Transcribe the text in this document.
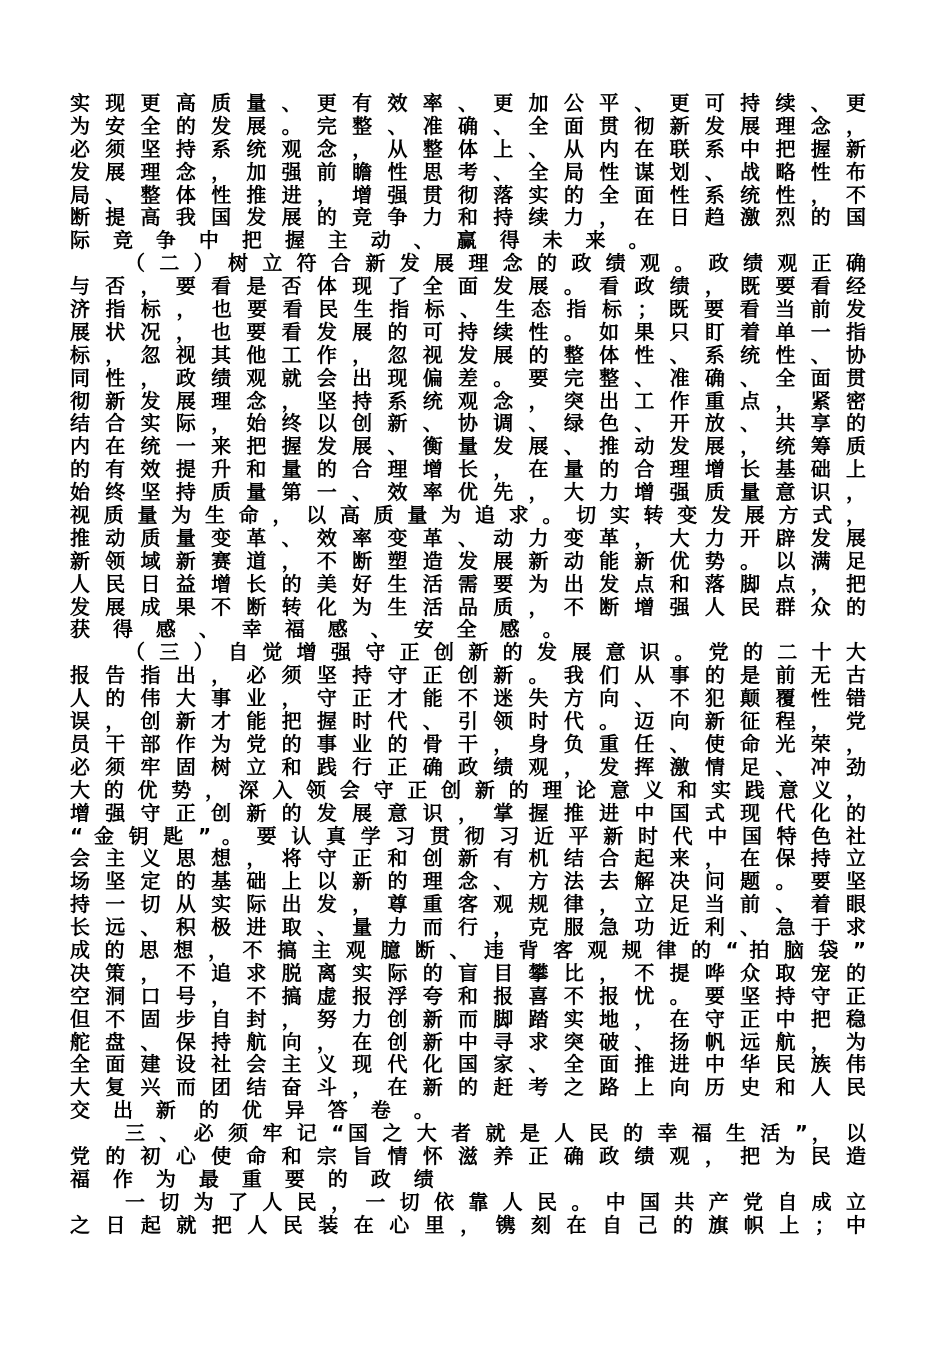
实 现 更 高 质 量 、 更 有 效 率 、 更 加 公 平 、 更 可 持 续 、 更
为 安 全 的 发 展 。 完 整 、 准 确 、 全 面 贯 彻 新 发 展 理 念 ，
必 须 坚 持 系 统 观 念 ， 从 整 体 上 、 从 内 在 联 系 中 把 握 新
发 展 理 念 ， 加 强 前 瞻 性 思 考 、 全 局 性 谋 划 、 战 略 性 布
局 、 整 体 性 推 进 ， 增 强 贯 彻 落 实 的 全 面 性 系 统 性 ， 不
断 提 高 我 国 发 展 的 竞 争 力 和 持 续 力 ， 在 日 趋 激 烈 的 国
际 竞 争 中 把 握 主 动 、 赢 得 未 来 。
（ 二 ） 树 立 符 合 新 发 展 理 念 的 政 绩 观 。 政 绩 观 正 确
与 否 ， 要 看 是 否 体 现 了 全 面 发 展 。 看 政 绩 ， 既 要 看 经
济 指 标 ， 也 要 看 民 生 指 标 、 生 态 指 标 ； 既 要 看 当 前 发
展 状 况 ， 也 要 看 发 展 的 可 持 续 性 。 如 果 只 盯 着 单 一 指
标 ， 忽 视 其 他 工 作 ， 忽 视 发 展 的 整 体 性 、 系 统 性 、 协
同 性 ， 政 绩 观 就 会 出 现 偏 差 。 要 完 整 、 准 确 、 全 面 贯
彻 新 发 展 理 念 ， 坚 持 系 统 观 念 ， 突 出 工 作 重 点 ， 紧 密
结 合 实 际 ， 始 终 以 创 新 、 协 调 、 绿 色 、 开 放 、 共 享 的
内 在 统 一 来 把 握 发 展 、 衡 量 发 展 、 推 动 发 展 ， 统 筹 质
的 有 效 提 升 和 量 的 合 理 增 长 ， 在 量 的 合 理 增 长 基 础 上
始 终 坚 持 质 量 第 一 、 效 率 优 先 ， 大 力 增 强 质 量 意 识 ，
视 质 量 为 生 命 ， 以 高 质 量 为 追 求 。 切 实 转 变 发 展 方 式 ，
推 动 质 量 变 革 、 效 率 变 革 、 动 力 变 革 ， 大 力 开 辟 发 展
新 领 域 新 赛 道 ， 不 断 塑 造 发 展 新 动 能 新 优 势 。 以 满 足
人 民 日 益 增 长 的 美 好 生 活 需 要 为 出 发 点 和 落 脚 点 ， 把
发 展 成 果 不 断 转 化 为 生 活 品 质 ， 不 断 增 强 人 民 群 众 的
获 得 感 、 幸 福 感 、 安 全 感 。
（ 三 ） 自 觉 增 强 守 正 创 新 的 发 展 意 识 。 党 的 二 十 大
报 告 指 出 ， 必 须 坚 持 守 正 创 新 。 我 们 从 事 的 是 前 无 古
人 的 伟 大 事 业 ， 守 正 才 能 不 迷 失 方 向 、 不 犯 颠 覆 性 错
误 ， 创 新 才 能 把 握 时 代 、 引 领 时 代 。 迈 向 新 征 程 ， 党
员 干 部 作 为 党 的 事 业 的 骨 干 ， 身 负 重 任 、 使 命 光 荣 ，
必 须 牢 固 树 立 和 践 行 正 确 政 绩 观 ， 发 挥 激 情 足 、 冲 劲
大 的 优 势 ， 深 入 领 会 守 正 创 新 的 理 论 意 义 和 实 践 意 义 ，
增 强 守 正 创 新 的 发 展 意 识 ， 掌 握 推 进 中 国 式 现 代 化 的
“ 金 钥 匙 ” 。 要 认 真 学 习 贯 彻 习 近 平 新 时 代 中 国 特 色 社
会 主 义 思 想 ， 将 守 正 和 创 新 有 机 结 合 起 来 ， 在 保 持 立
场 坚 定 的 基 础 上 以 新 的 理 念 、 方 法 去 解 决 问 题 。 要 坚
持 一 切 从 实 际 出 发 ， 尊 重 客 观 规 律 ， 立 足 当 前 、 着 眼
长 远 、 积 极 进 取 、 量 力 而 行 ， 克 服 急 功 近 利 、 急 于 求
成 的 思 想 ， 不 搞 主 观 臆 断 、 违 背 客 观 规 律 的 “ 拍 脑 袋 ”
决 策 ， 不 追 求 脱 离 实 际 的 盲 目 攀 比 ， 不 提 哗 众 取 宠 的
空 洞 口 号 ， 不 搞 虚 报 浮 夸 和 报 喜 不 报 忧 。 要 坚 持 守 正
但 不 固 步 自 封 ， 努 力 创 新 而 脚 踏 实 地 ， 在 守 正 中 把 稳
舵 盘 、 保 持 航 向 ， 在 创 新 中 寻 求 突 破 、 扬 帆 远 航 ， 为
全 面 建 设 社 会 主 义 现 代 化 国 家 、 全 面 推 进 中 华 民 族 伟
大 复 兴 而 团 结 奋 斗 ， 在 新 的 赶 考 之 路 上 向 历 史 和 人 民
交 出 新 的 优 异 答 卷 。
三 、 必 须 牢 记 “国 之 大 者 就 是 人 民 的 幸 福 生 活 ”， 以
党 的 初 心 使 命 和 宗 旨 情 怀 滋 养 正 确 政 绩 观 ， 把 为 民 造
福 作 为 最 重 要 的 政 绩
一 切 为 了 人 民 ， 一 切 依 靠 人 民 。 中 国 共 产 党 自 成 立
之 日 起 就 把 人 民 装 在 心 里 ， 镌 刻 在 自 己 的 旗 帜 上 ； 中
